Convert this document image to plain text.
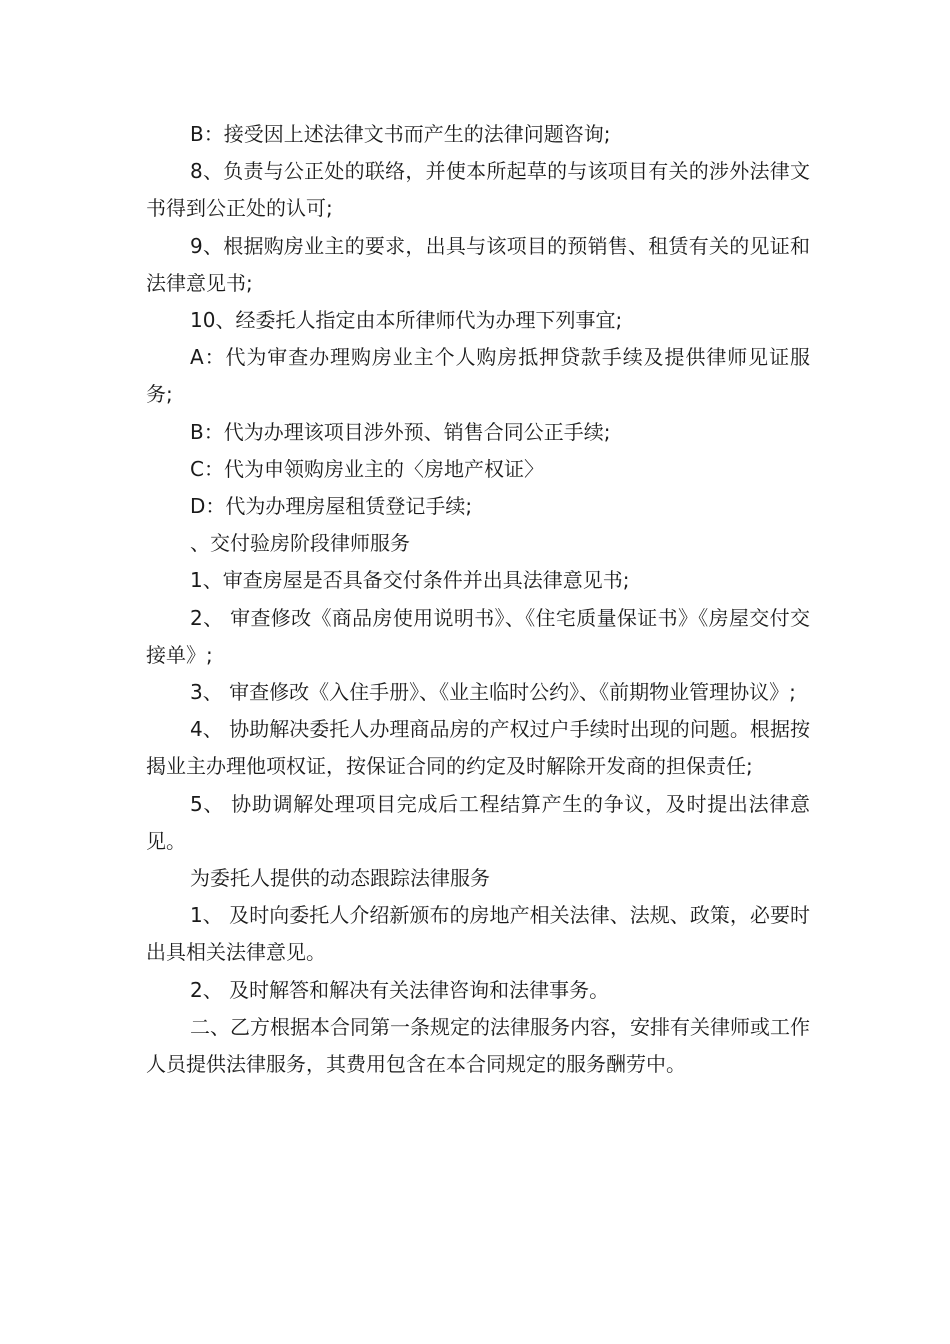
B：接受因上述法律文书而产生的法律问题咨询;

8、负责与公正处的联络，并使本所起草的与该项目有关的涉外法律文书得到公正处的认可;

9、根据购房业主的要求，出具与该项目的预销售、租赁有关的见证和法律意见书;

10、经委托人指定由本所律师代为办理下列事宜;

A：代为审查办理购房业主个人购房抵押贷款手续及提供律师见证服务;

B：代为办理该项目涉外预、销售合同公正手续;

C：代为申领购房业主的〈房地产权证〉

D：代为办理房屋租赁登记手续;

、交付验房阶段律师服务

1、审查房屋是否具备交付条件并出具法律意见书;

2、 审查修改《商品房使用说明书》、《住宅质量保证书》《房屋交付交接单》;

3、 审查修改《入住手册》、《业主临时公约》、《前期物业管理协议》;

4、 协助解决委托人办理商品房的产权过户手续时出现的问题。根据按揭业主办理他项权证，按保证合同的约定及时解除开发商的担保责任;

5、 协助调解处理项目完成后工程结算产生的争议，及时提出法律意见。

为委托人提供的动态跟踪法律服务

1、 及时向委托人介绍新颁布的房地产相关法律、法规、政策，必要时出具相关法律意见。

2、 及时解答和解决有关法律咨询和法律事务。

二、乙方根据本合同第一条规定的法律服务内容，安排有关律师或工作人员提供法律服务，其费用包含在本合同规定的服务酬劳中。
